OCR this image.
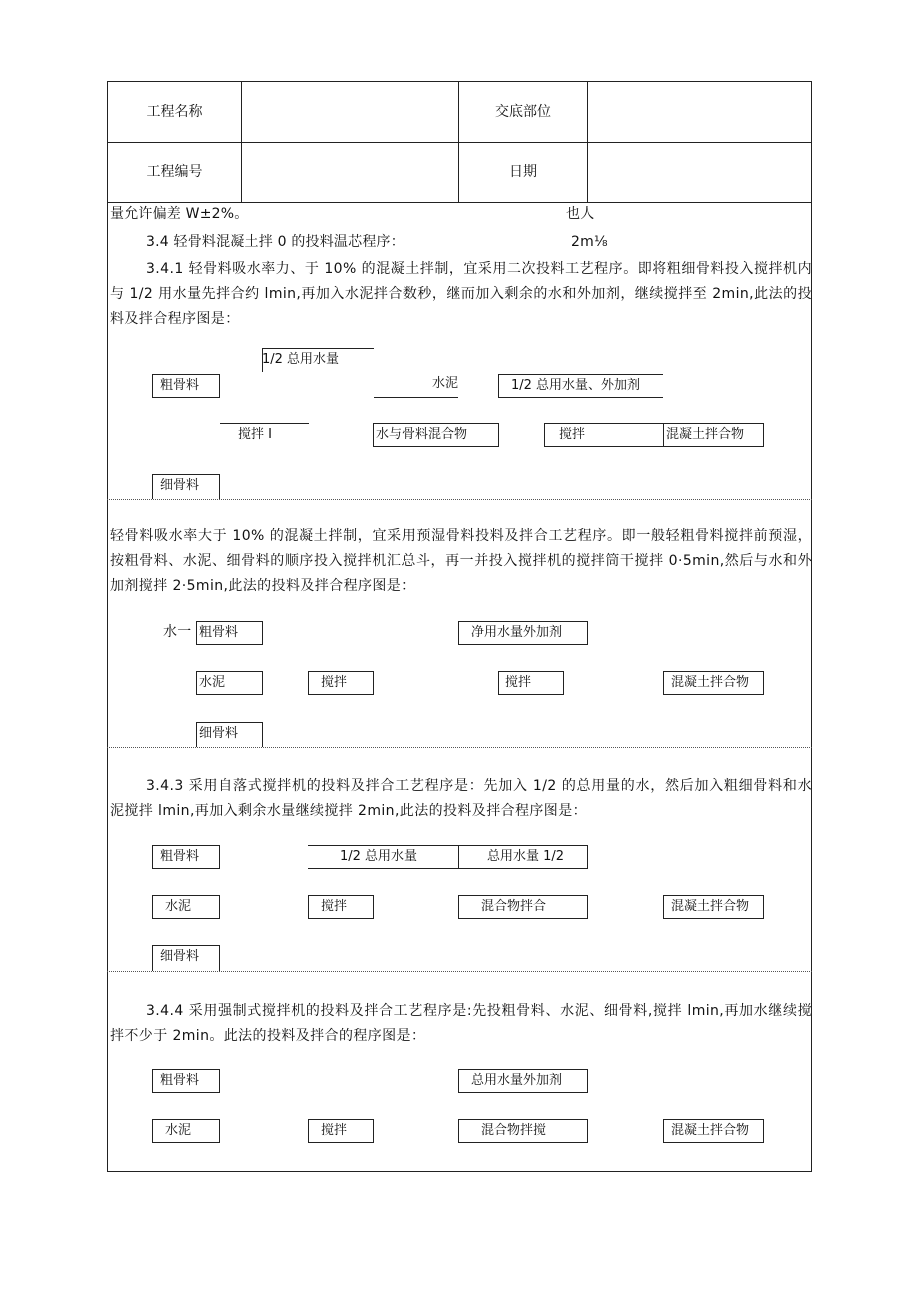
工程名称	交底部位
工程编号	日期
量允许偏差 W±2%。	也人
3.4 轻骨料混凝土拌 0 的投料温芯程序：	2m⅛
3.4.1 轻骨料吸水率力、于 10% 的混凝土拌制，宜采用二次投料工艺程序。即将粗细骨料投入搅拌机内与 1/2 用水量先拌合约 lmin,再加入水泥拌合数秒，继而加入剩余的水和外加剂，继续搅拌至 2min,此法的投料及拌合程序图是：
1/2 总用水量
粗骨料	水泥	1/2 总用水量、外加剂
搅拌 I	水与骨料混合物	搅拌	混凝土拌合物
细骨料
轻骨料吸水率大于 10% 的混凝土拌制，宜采用预湿骨料投料及拌合工艺程序。即一般轻粗骨料搅拌前预湿，按粗骨料、水泥、细骨料的顺序投入搅拌机汇总斗，再一并投入搅拌机的搅拌筒干搅拌 0·5min,然后与水和外加剂搅拌 2·5min,此法的投料及拌合程序图是：
水一 粗骨料	净用水量外加剂
水泥	搅拌	搅拌	混凝土拌合物
细骨料
3.4.3 采用自落式搅拌机的投料及拌合工艺程序是：先加入 1/2 的总用量的水，然后加入粗细骨料和水泥搅拌 lmin,再加入剩余水量继续搅拌 2min,此法的投料及拌合程序图是：
粗骨料	1/2 总用水量	总用水量 1/2
水泥	搅拌	混合物拌合	混凝土拌合物
细骨料
3.4.4 采用强制式搅拌机的投料及拌合工艺程序是:先投粗骨料、水泥、细骨料,搅拌 lmin,再加水继续搅拌不少于 2min。此法的投料及拌合的程序图是：
粗骨料	总用水量外加剂
水泥	搅拌	混合物拌搅	混凝土拌合物
